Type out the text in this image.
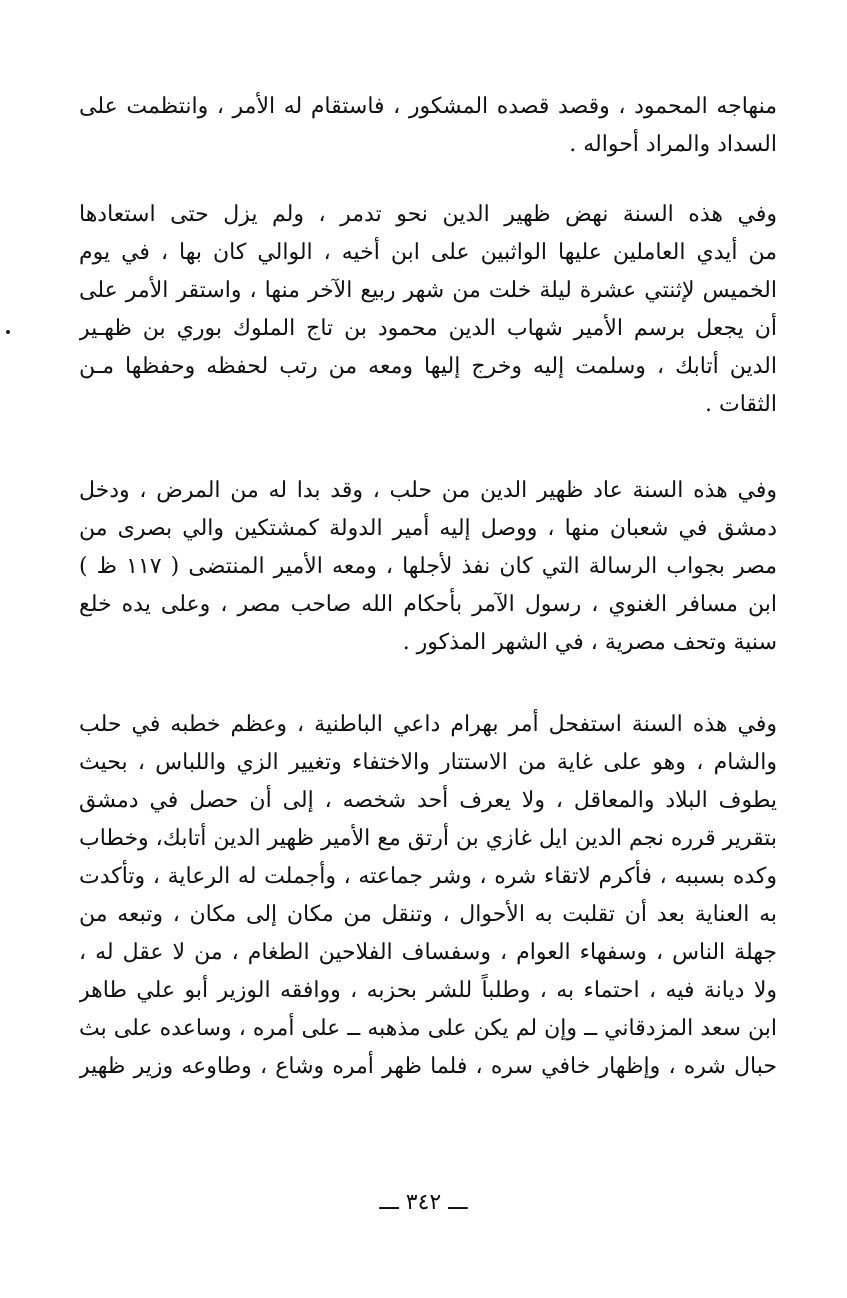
منهاجه المحمود ، وقصد قصده المشكور ، فاستقام له الأمر ، وانتظمت على
السداد والمراد أحواله .
وفي هذه السنة نهض ظهير الدين نحو تدمر ، ولم يزل حتى استعادها
من أيدي العاملين عليها الواثبين على ابن أخيه ، الوالي كان بها ، في يوم
الخميس لإثنتي عشرة ليلة خلت من شهر ربيع الآخر منها ، واستقر الأمر على
أن يجعل برسم الأمير شهاب الدين محمود بن تاج الملوك بوري بن ظهـير
الدين أتابك ، وسلمت إليه وخرج إليها ومعه من رتب لحفظه وحفظها مـن
الثقات .
وفي هذه السنة عاد ظهير الدين من حلب ، وقد بدا له من المرض ، ودخل
دمشق في شعبان منها ، ووصل إليه أمير الدولة كمشتكين والي بصرى من
مصر بجواب الرسالة التي كان نفذ لأجلها ، ومعه الأمير المنتضى ( ١١٧ ظ )
ابن مسافر الغنوي ، رسول الآمر بأحكام الله صاحب مصر ، وعلى يده خلع
سنية وتحف مصرية ، في الشهر المذكور .
وفي هذه السنة استفحل أمر بهرام داعي الباطنية ، وعظم خطبه في حلب
والشام ، وهو على غاية من الاستتار والاختفاء وتغيير الزي واللباس ، بحيث
يطوف البلاد والمعاقل ، ولا يعرف أحد شخصه ، إلى أن حصل في دمشق
بتقرير قرره نجم الدين ايل غازي بن أرتق مع الأمير ظهير الدين أتابك، وخطاب
وكده بسببه ، فأكرم لاتقاء شره ، وشر جماعته ، وأجملت له الرعاية ، وتأكدت
به العناية بعد أن تقلبت به الأحوال ، وتنقل من مكان إلى مكان ، وتبعه من
جهلة الناس ، وسفهاء العوام ، وسفساف الفلاحين الطغام ، من لا عقل له ،
ولا ديانة فيه ، احتماء به ، وطلباً للشر بحزبه ، ووافقه الوزير أبو علي طاهر
ابن سعد المزدقاني ــ وإن لم يكن على مذهبه ــ على أمره ، وساعده على بث
حبال شره ، وإظهار خافي سره ، فلما ظهر أمره وشاع ، وطاوعه وزير ظهير
ـــ ٣٤٢ ـــ
